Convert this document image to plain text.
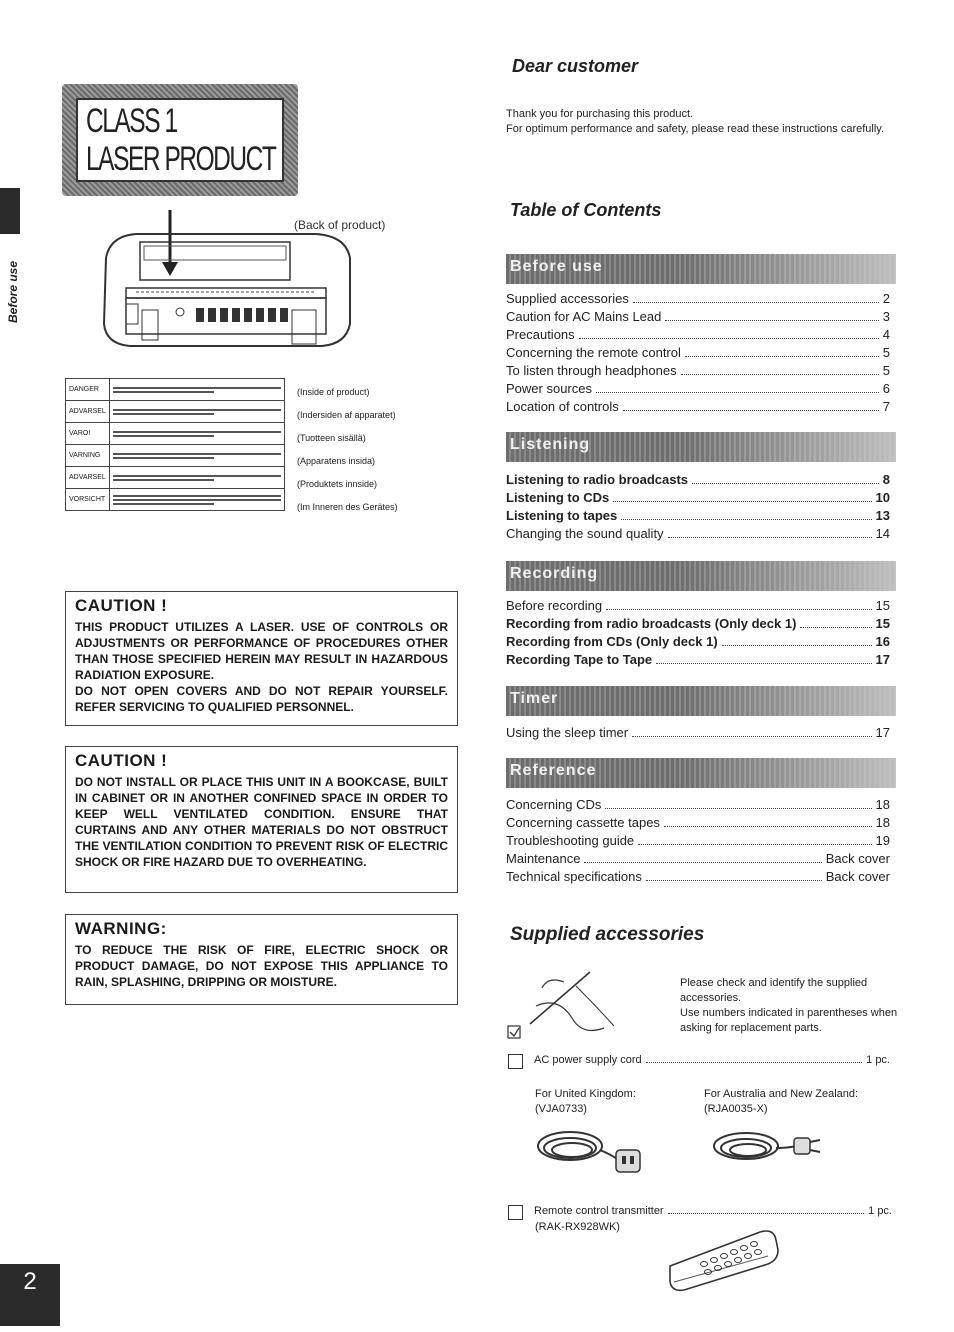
Before use
2
CLASS 1
LASER PRODUCT
(Back of product)
DANGER	

ADVARSEL	

VARO!	

VARNING	

ADVARSEL	

VORSICHT	
(Inside of product)
(Indersiden af apparatet)
(Tuotteen sisällä)
(Apparatens insida)
(Produktets innside)
(Im Inneren des Gerätes)
CAUTION !

THIS PRODUCT UTILIZES A LASER. USE OF CONTROLS OR ADJUSTMENTS OR PERFORMANCE OF PROCEDURES OTHER THAN THOSE SPECIFIED HEREIN MAY RESULT IN HAZARDOUS RADIATION EXPOSURE.

DO NOT OPEN COVERS AND DO NOT REPAIR YOURSELF. REFER SERVICING TO QUALIFIED PERSONNEL.

CAUTION !

DO NOT INSTALL OR PLACE THIS UNIT IN A BOOKCASE, BUILT IN CABINET OR IN ANOTHER CONFINED SPACE IN ORDER TO KEEP WELL VENTILATED CONDITION. ENSURE THAT CURTAINS AND ANY OTHER MATERIALS DO NOT OBSTRUCT THE VENTILATION CONDITION TO PREVENT RISK OF ELECTRIC SHOCK OR FIRE HAZARD DUE TO OVERHEATING.

WARNING:

TO REDUCE THE RISK OF FIRE, ELECTRIC SHOCK OR PRODUCT DAMAGE, DO NOT EXPOSE THIS APPLIANCE TO RAIN, SPLASHING, DRIPPING OR MOISTURE.

Dear customer
Thank you for purchasing this product.
For optimum performance and safety, please read these instructions carefully.
Table of Contents
Before use
Supplied accessories	2
Caution for AC Mains Lead	3
Precautions	4
Concerning the remote control	5
To listen through headphones	5
Power sources	6
Location of controls	7
Listening
Listening to radio broadcasts	8
Listening to CDs	10
Listening to tapes	13
Changing the sound quality	14
Recording
Before recording	15
Recording from radio broadcasts (Only deck 1)	15
Recording from CDs (Only deck 1)	16
Recording Tape to Tape	17
Timer
Using the sleep timer	17
Reference
Concerning CDs	18
Concerning cassette tapes	18
Troubleshooting guide	19
Maintenance	Back cover
Technical specifications	Back cover
Supplied accessories
Please check and identify the supplied accessories.
Use numbers indicated in parentheses when asking for replacement parts.
AC power supply cord	1 pc.
For United Kingdom:
(VJA0733)
For Australia and New Zealand:
(RJA0035-X)
Remote control transmitter	1 pc.
(RAK-RX928WK)
